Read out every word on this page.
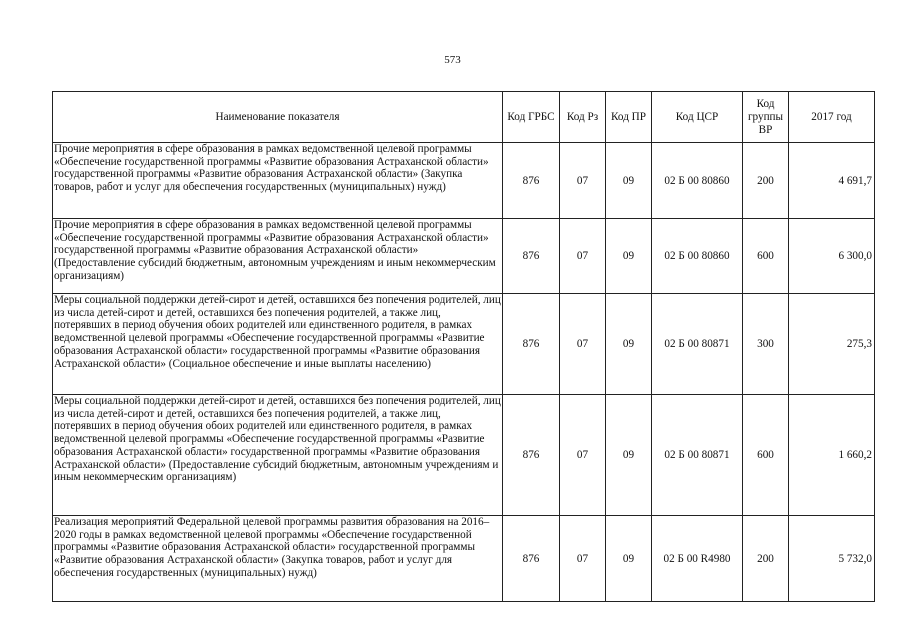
573
Наименование показателя	Код ГРБС	Код Рз	Код ПР	Код ЦСР	Код группы ВР	2017 год
Прочие мероприятия в сфере образования в рамках ведомственной целевой программы «Обеспечение государственной программы «Развитие образования Астраханской области» государственной программы «Развитие образования Астраханской области» (Закупка товаров, работ и услуг для обеспечения государственных (муниципальных) нужд)	876	07	09	02 Б 00 80860	200	4 691,7
Прочие мероприятия в сфере образования в рамках ведомственной целевой программы «Обеспечение государственной программы «Развитие образования Астраханской области» государственной программы «Развитие образования Астраханской области» (Предоставление субсидий бюджетным, автономным учреждениям и иным некоммерческим организациям)	876	07	09	02 Б 00 80860	600	6 300,0
Меры социальной поддержки детей-сирот и детей, оставшихся без попечения родителей, лиц из числа детей-сирот и детей, оставшихся без попечения родителей, а также лиц, потерявших в период обучения обоих родителей или единственного родителя, в рамках ведомственной целевой программы «Обеспечение государственной программы «Развитие образования Астраханской области» государственной программы «Развитие образования Астраханской области» (Социальное обеспечение и иные выплаты населению)	876	07	09	02 Б 00 80871	300	275,3
Меры социальной поддержки детей-сирот и детей, оставшихся без попечения родителей, лиц из числа детей-сирот и детей, оставшихся без попечения родителей, а также лиц, потерявших в период обучения обоих родителей или единственного родителя, в рамках ведомственной целевой программы «Обеспечение государственной программы «Развитие образования Астраханской области» государственной программы «Развитие образования Астраханской области» (Предоставление субсидий бюджетным, автономным учреждениям и иным некоммерческим организациям)	876	07	09	02 Б 00 80871	600	1 660,2
Реализация мероприятий Федеральной целевой программы развития образования на 2016–2020 годы в рамках ведомственной целевой программы «Обеспечение государственной программы «Развитие образования Астраханской области» государственной программы «Развитие образования Астраханской области» (Закупка товаров, работ и услуг для обеспечения государственных (муниципальных) нужд)	876	07	09	02 Б 00 R4980	200	5 732,0
